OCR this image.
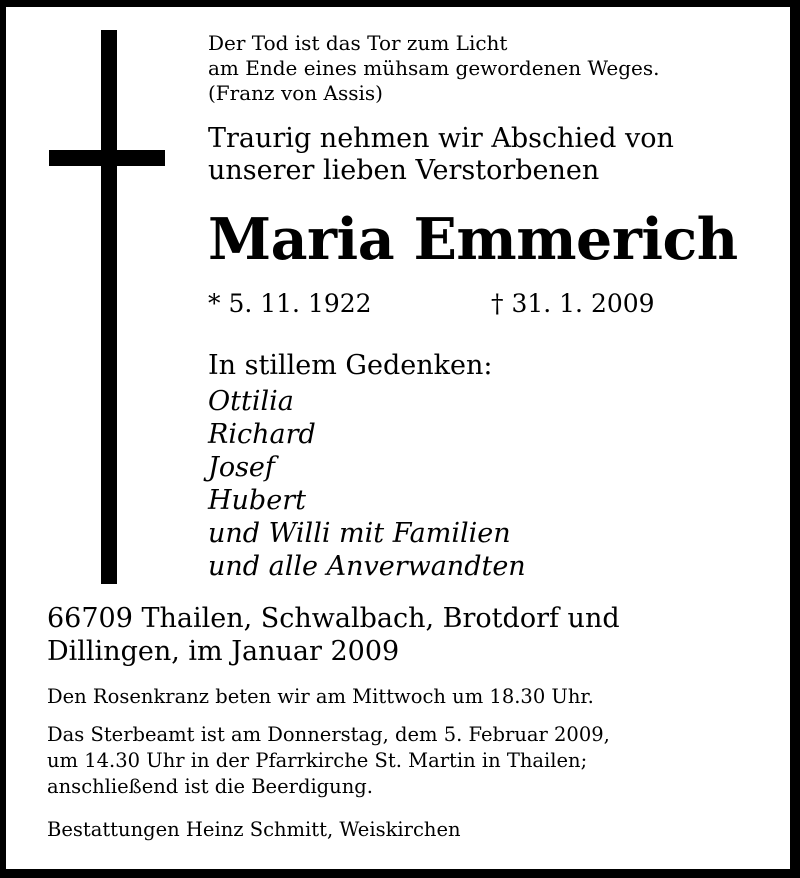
Der Tod ist das Tor zum Licht
am Ende eines mühsam gewordenen Weges.
(Franz von Assis)
Traurig nehmen wir Abschied von
unserer lieben Verstorbenen
Maria Emmerich
* 5. 11. 1922	† 31. 1. 2009
In stillem Gedenken:
Ottilia
Richard
Josef
Hubert
und Willi mit Familien
und alle Anverwandten
66709 Thailen, Schwalbach, Brotdorf und
Dillingen, im Januar 2009
Den Rosenkranz beten wir am Mittwoch um 18.30 Uhr.
Das Sterbeamt ist am Donnerstag, dem 5. Februar 2009,
um 14.30 Uhr in der Pfarrkirche St. Martin in Thailen;
anschließend ist die Beerdigung.
Bestattungen Heinz Schmitt, Weiskirchen
